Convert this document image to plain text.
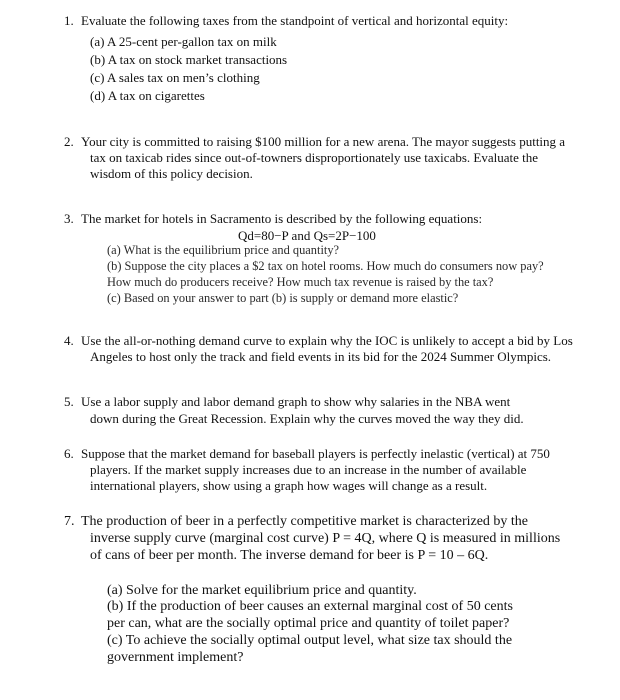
1. Evaluate the following taxes from the standpoint of vertical and horizontal equity:
(a) A 25-cent per-gallon tax on milk
(b) A tax on stock market transactions
(c) A sales tax on men’s clothing
(d) A tax on cigarettes
2. Your city is committed to raising $100 million for a new arena. The mayor suggests putting a
tax on taxicab rides since out-of-towners disproportionately use taxicabs. Evaluate the
wisdom of this policy decision.
3. The market for hotels in Sacramento is described by the following equations:
Qd=80−P and Qs=2P−100
(a) What is the equilibrium price and quantity?
(b) Suppose the city places a $2 tax on hotel rooms. How much do consumers now pay?
How much do producers receive? How much tax revenue is raised by the tax?
(c) Based on your answer to part (b) is supply or demand more elastic?
4. Use the all-or-nothing demand curve to explain why the IOC is unlikely to accept a bid by Los
Angeles to host only the track and field events in its bid for the 2024 Summer Olympics.
5. Use a labor supply and labor demand graph to show why salaries in the NBA went
down during the Great Recession. Explain why the curves moved the way they did.
6. Suppose that the market demand for baseball players is perfectly inelastic (vertical) at 750
players. If the market supply increases due to an increase in the number of available
international players, show using a graph how wages will change as a result.
7. The production of beer in a perfectly competitive market is characterized by the
inverse supply curve (marginal cost curve) P = 4Q, where Q is measured in millions
of cans of beer per month. The inverse demand for beer is P = 10 – 6Q.
(a) Solve for the market equilibrium price and quantity.
(b) If the production of beer causes an external marginal cost of 50 cents
per can, what are the socially optimal price and quantity of toilet paper?
(c) To achieve the socially optimal output level, what size tax should the
government implement?
